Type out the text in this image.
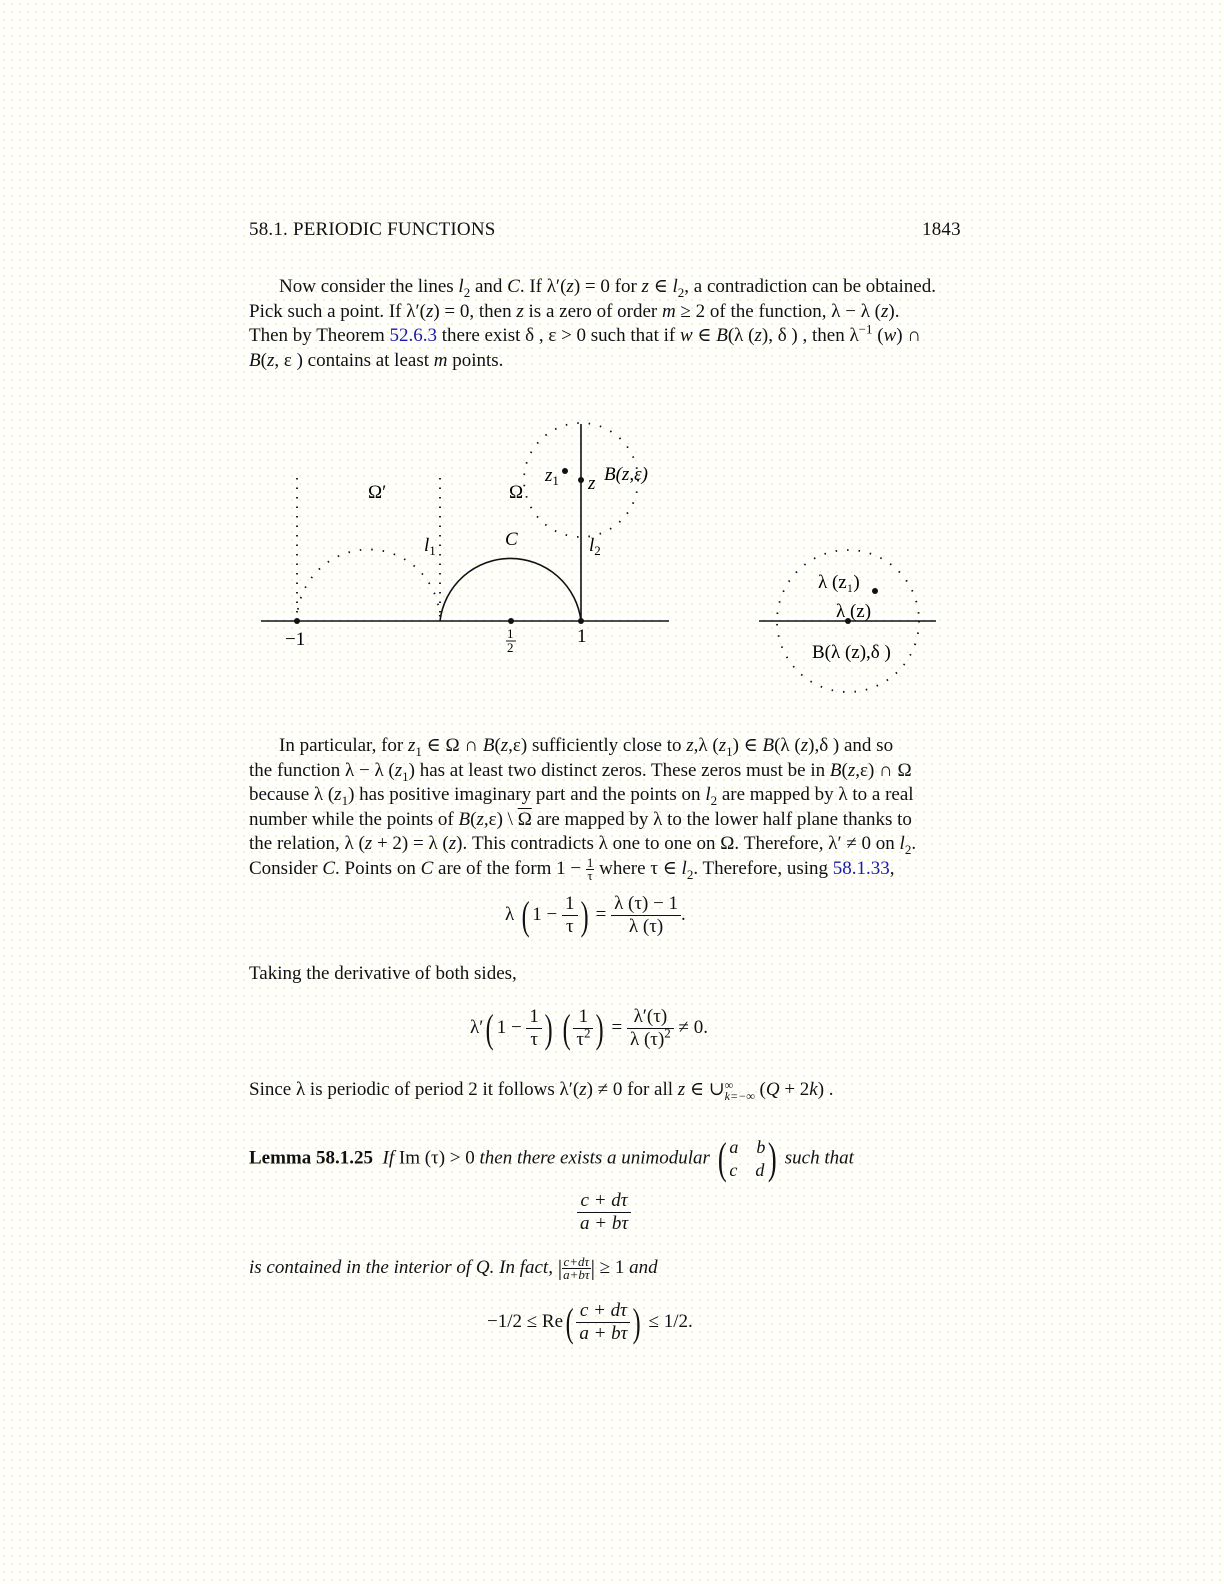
58.1. PERIODIC FUNCTIONS	1843
Now consider the lines $l_2$ and C. If λ′(z) = 0 for z ∈ $l_2$, a contradiction can be obtained.
Pick such a point. If λ′(z) = 0, then z is a zero of order m ≥ 2 of the function, λ − λ (z).
Then by Theorem 52.6.3 there exist δ , ε > 0 such that if w ∈ B(λ (z), δ ) , then $\lambda^{-1}$ (w) ∩
B(z, ε ) contains at least m points.
Ω′	Ω
$l_1$	$l_2$
C
$z_1$ z B(z,ε)
−1	1
2
1
λ (z₁)
λ (z)
B(λ (z),δ )
In particular, for $z_1$ ∈ Ω ∩ B(z,ε) sufficiently close to z,λ $(z_1)$ ∈ B(λ (z),δ ) and so
the function λ − λ $(z_1)$ has at least two distinct zeros. These zeros must be in B(z,ε) ∩ Ω
because λ $(z_1)$ has positive imaginary part and the points on $l_2$ are mapped by λ to a real
number while the points of B(z,ε) \ $\overline{\Omega}$ are mapped by λ to the lower half plane thanks to
the relation, λ (z + 2) = λ (z). This contradicts λ one to one on Ω. Therefore, λ′ ≠ 0 on $l_2$.
Consider C. Points on C are of the form $1 - \frac{1}{\tau}$ where τ ∈ $l_2$. Therefore, using 58.1.33,
λ ( $1 - \frac{1}{\tau}$ ) = $\frac{\lambda (\tau) - 1}{\lambda (\tau)}$ .
Taking the derivative of both sides,
λ′( $1 - \frac{1}{\tau}$ ) ( $\frac{1}{\tau^2}$ ) = $\frac{\lambda'(\tau)}{\lambda (\tau)^2} \ne 0$.
Since λ is periodic of period 2 it follows λ′(z) ≠ 0 for all z ∈ ∪ ∞
k=−∞ (Q + 2k) .
Lemma 58.1.25 If Im (τ) > 0 then there exists a unimodular ( a b
c d ) such that
$\frac{c + d\tau}{a + b\tau}$
is contained in the interior of Q. In fact, | $\frac{c+d\tau}{a+b\tau}$ | ≥ 1 and
$-1/2 \le Re( \frac{c + d\tau}{a + b\tau}$ ) ≤ 1/2.
